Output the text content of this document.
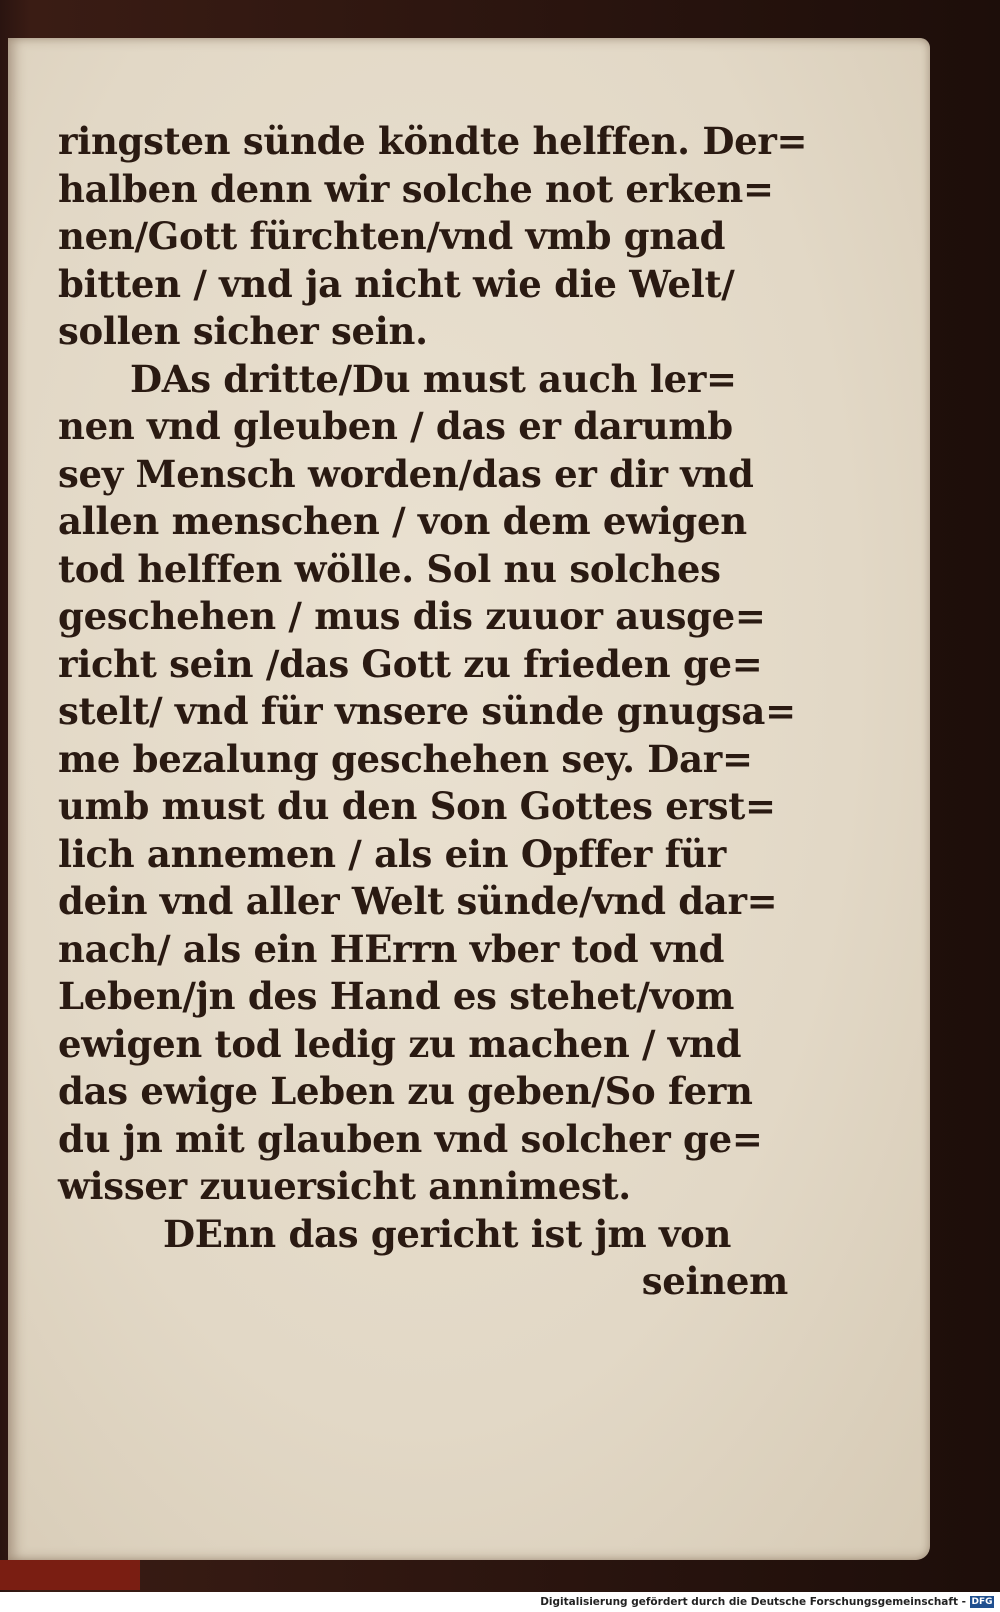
ringsten sünde köndte helffen. Der=
halben denn wir solche not erken=
nen/Gott fürchten/vnd vmb gnad
bitten / vnd ja nicht wie die Welt/
sollen sicher sein.
DAs dritte/Du must auch ler=
nen vnd gleuben / das er darumb
sey Mensch worden/das er dir vnd
allen menschen / von dem ewigen
tod helffen wölle. Sol nu solches
geschehen / mus dis zuuor ausge=
richt sein /das Gott zu frieden ge=
stelt/ vnd für vnsere sünde gnugsa=
me bezalung geschehen sey. Dar=
umb must du den Son Gottes erst=
lich annemen / als ein Opffer für
dein vnd aller Welt sünde/vnd dar=
nach/ als ein HErrn vber tod vnd
Leben/jn des Hand es stehet/vom
ewigen tod ledig zu machen / vnd
das ewige Leben zu geben/So fern
du jn mit glauben vnd solcher ge=
wisser zuuersicht annimest.
DEnn das gericht ist jm von
seinem
Digitalisierung gefördert durch die Deutsche Forschungsgemeinschaft - DFG
